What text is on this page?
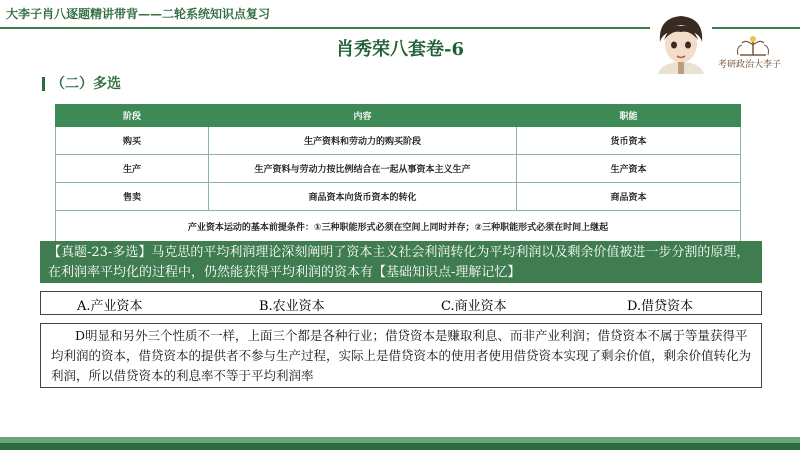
大李子肖八逐题精讲带背——二轮系统知识点复习
肖秀荣八套卷-6
（二）多选
考研政治大李子
阶段	内容	职能
购买	生产资料和劳动力的购买阶段	货币资本
生产	生产资料与劳动力按比例结合在一起从事资本主义生产	生产资本
售卖	商品资本向货币资本的转化	商品资本
产业资本运动的基本前提条件：①三种职能形式必须在空间上同时并存；②三种职能形式必须在时间上继起		
【真题-23-多选】马克思的平均利润理论深刻阐明了资本主义社会利润转化为平均利润以及剩余价值被进一步分割的原理，在利润率平均化的过程中，仍然能获得平均利润的资本有【基础知识点-理解记忆】
A.产业资本	B.农业资本	C.商业资本	D.借贷资本
D明显和另外三个性质不一样，上面三个都是各种行业；借贷资本是赚取利息、而非产业利润；借贷资本不属于等量获得平均利润的资本，借贷资本的提供者不参与生产过程，实际上是借贷资本的使用者使用借贷资本实现了剩余价值，剩余价值转化为利润，所以借贷资本的利息率不等于平均利润率
